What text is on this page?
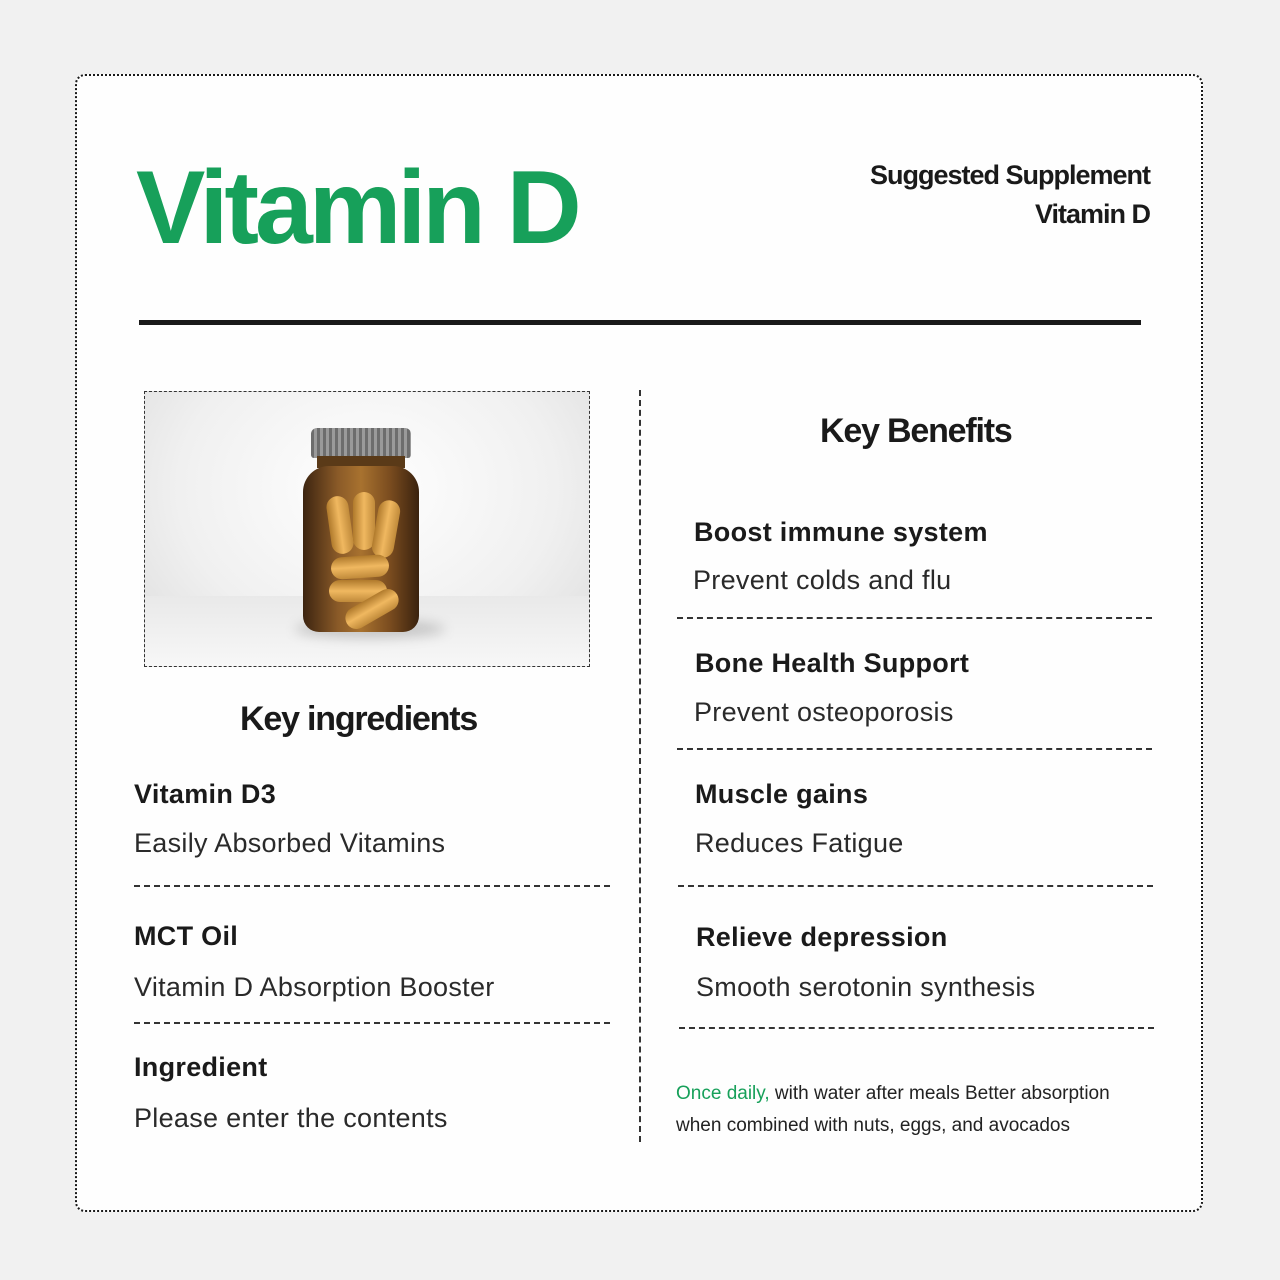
Vitamin D	Suggested Supplement
Vitamin D
Key ingredients
Vitamin D3
Easily Absorbed Vitamins
MCT Oil
Vitamin D Absorption Booster
Ingredient
Please enter the contents
Key Benefits
Boost immune system
Prevent colds and flu
Bone Health Support
Prevent osteoporosis
Muscle gains
Reduces Fatigue
Relieve depression
Smooth serotonin synthesis
Once daily, with water after meals Better absorption when combined with nuts, eggs, and avocados
